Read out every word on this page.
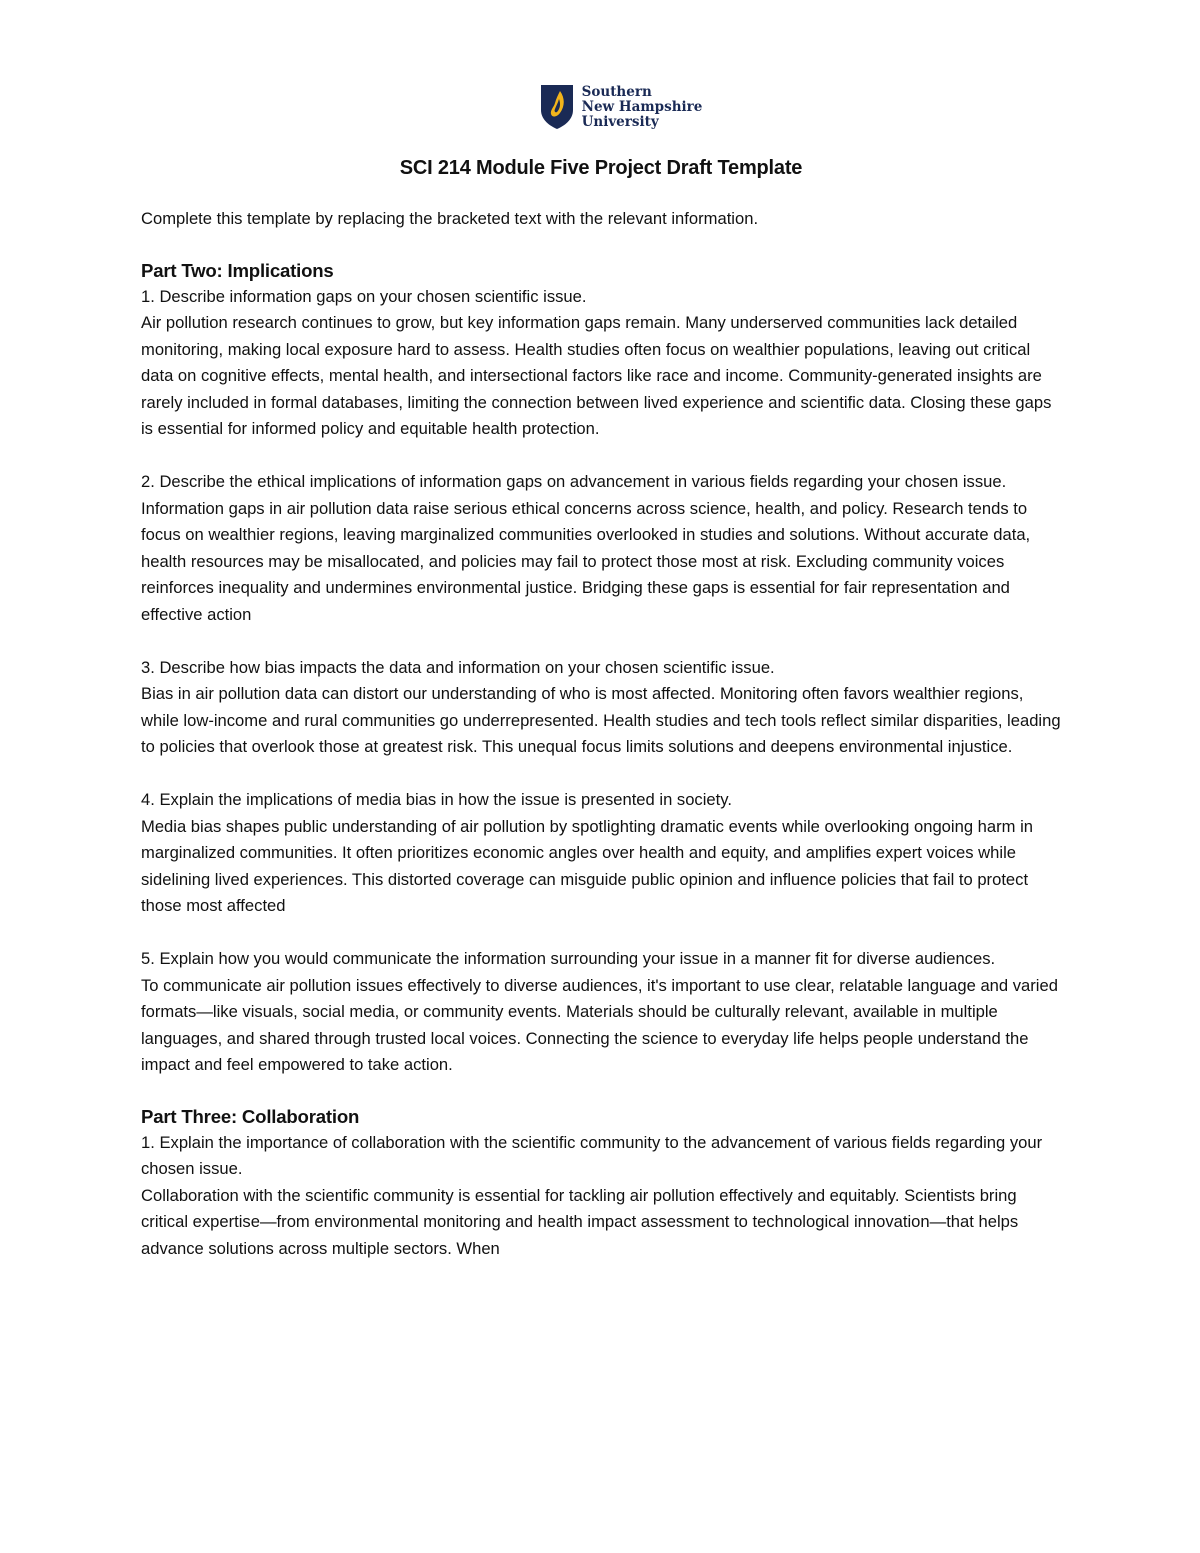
Southern
New Hampshire
University
SCI 214 Module Five Project Draft Template
Complete this template by replacing the bracketed text with the relevant information.
Part Two: Implications
1. Describe information gaps on your chosen scientific issue.
Air pollution research continues to grow, but key information gaps remain. Many underserved communities lack detailed monitoring, making local exposure hard to assess. Health studies often focus on wealthier populations, leaving out critical data on cognitive effects, mental health, and intersectional factors like race and income. Community-generated insights are rarely included in formal databases, limiting the connection between lived experience and scientific data. Closing these gaps is essential for informed policy and equitable health protection.
2. Describe the ethical implications of information gaps on advancement in various fields regarding your chosen issue.
Information gaps in air pollution data raise serious ethical concerns across science, health, and policy. Research tends to focus on wealthier regions, leaving marginalized communities overlooked in studies and solutions. Without accurate data, health resources may be misallocated, and policies may fail to protect those most at risk. Excluding community voices reinforces inequality and undermines environmental justice. Bridging these gaps is essential for fair representation and effective action
3. Describe how bias impacts the data and information on your chosen scientific issue.
Bias in air pollution data can distort our understanding of who is most affected. Monitoring often favors wealthier regions, while low-income and rural communities go underrepresented. Health studies and tech tools reflect similar disparities, leading to policies that overlook those at greatest risk. This unequal focus limits solutions and deepens environmental injustice.
4. Explain the implications of media bias in how the issue is presented in society.
Media bias shapes public understanding of air pollution by spotlighting dramatic events while overlooking ongoing harm in marginalized communities. It often prioritizes economic angles over health and equity, and amplifies expert voices while sidelining lived experiences. This distorted coverage can misguide public opinion and influence policies that fail to protect those most affected
5. Explain how you would communicate the information surrounding your issue in a manner fit for diverse audiences.
To communicate air pollution issues effectively to diverse audiences, it's important to use clear, relatable language and varied formats—like visuals, social media, or community events. Materials should be culturally relevant, available in multiple languages, and shared through trusted local voices. Connecting the science to everyday life helps people understand the impact and feel empowered to take action.
Part Three: Collaboration
1. Explain the importance of collaboration with the scientific community to the advancement of various fields regarding your chosen issue.
Collaboration with the scientific community is essential for tackling air pollution effectively and equitably. Scientists bring critical expertise—from environmental monitoring and health impact assessment to technological innovation—that helps advance solutions across multiple sectors. When
